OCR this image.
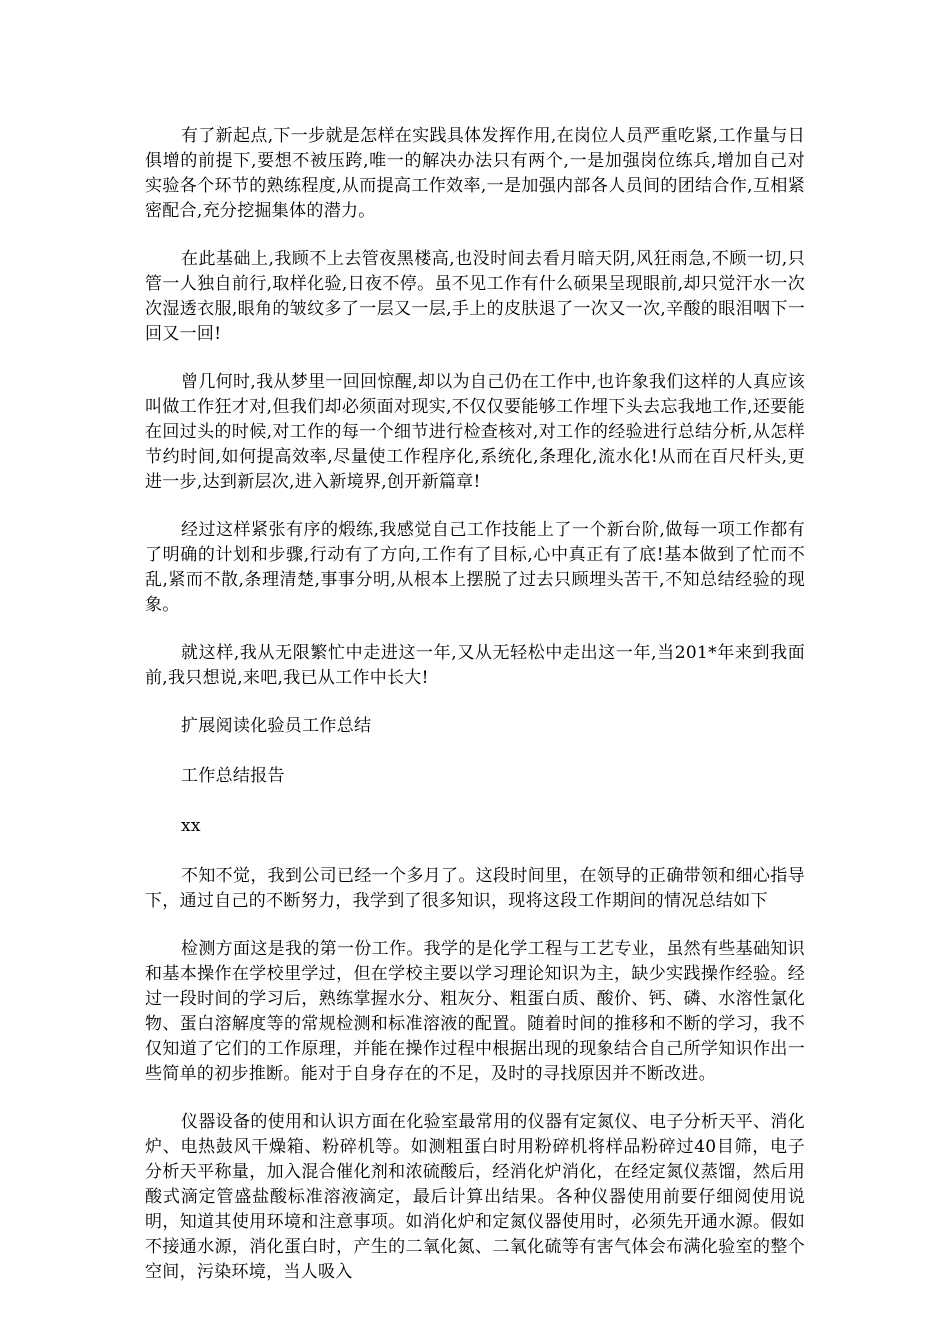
有了新起点,下一步就是怎样在实践具体发挥作用,在岗位人员严重吃紧,工作量与日俱增的前提下,要想不被压跨,唯一的解决办法只有两个,一是加强岗位练兵,增加自己对实验各个环节的熟练程度,从而提高工作效率,一是加强内部各人员间的团结合作,互相紧密配合,充分挖掘集体的潜力。

在此基础上,我顾不上去管夜黑楼高,也没时间去看月暗天阴,风狂雨急,不顾一切,只管一人独自前行,取样化验,日夜不停。虽不见工作有什么硕果呈现眼前,却只觉汗水一次次湿透衣服,眼角的皱纹多了一层又一层,手上的皮肤退了一次又一次,辛酸的眼泪咽下一回又一回!

曾几何时,我从梦里一回回惊醒,却以为自己仍在工作中,也许象我们这样的人真应该叫做工作狂才对,但我们却必须面对现实,不仅仅要能够工作埋下头去忘我地工作,还要能在回过头的时候,对工作的每一个细节进行检查核对,对工作的经验进行总结分析,从怎样节约时间,如何提高效率,尽量使工作程序化,系统化,条理化,流水化!从而在百尺杆头,更进一步,达到新层次,进入新境界,创开新篇章!

经过这样紧张有序的煅练,我感觉自己工作技能上了一个新台阶,做每一项工作都有了明确的计划和步骤,行动有了方向,工作有了目标,心中真正有了底!基本做到了忙而不乱,紧而不散,条理清楚,事事分明,从根本上摆脱了过去只顾埋头苦干,不知总结经验的现象。

就这样,我从无限繁忙中走进这一年,又从无轻松中走出这一年,当201*年来到我面前,我只想说,来吧,我已从工作中长大!

扩展阅读化验员工作总结

工作总结报告

xx

不知不觉，我到公司已经一个多月了。这段时间里，在领导的正确带领和细心指导下，通过自己的不断努力，我学到了很多知识，现将这段工作期间的情况总结如下

检测方面这是我的第一份工作。我学的是化学工程与工艺专业，虽然有些基础知识和基本操作在学校里学过，但在学校主要以学习理论知识为主，缺少实践操作经验。经过一段时间的学习后，熟练掌握水分、粗灰分、粗蛋白质、酸价、钙、磷、水溶性氯化物、蛋白溶解度等的常规检测和标准溶液的配置。随着时间的推移和不断的学习，我不仅知道了它们的工作原理，并能在操作过程中根据出现的现象结合自己所学知识作出一些简单的初步推断。能对于自身存在的不足，及时的寻找原因并不断改进。

仪器设备的使用和认识方面在化验室最常用的仪器有定氮仪、电子分析天平、消化炉、电热鼓风干燥箱、粉碎机等。如测粗蛋白时用粉碎机将样品粉碎过40目筛，电子分析天平称量，加入混合催化剂和浓硫酸后，经消化炉消化，在经定氮仪蒸馏，然后用酸式滴定管盛盐酸标准溶液滴定，最后计算出结果。各种仪器使用前要仔细阅使用说明，知道其使用环境和注意事项。如消化炉和定氮仪器使用时，必须先开通水源。假如不接通水源，消化蛋白时，产生的二氧化氮、二氧化硫等有害气体会布满化验室的整个空间，污染环境，当人吸入
